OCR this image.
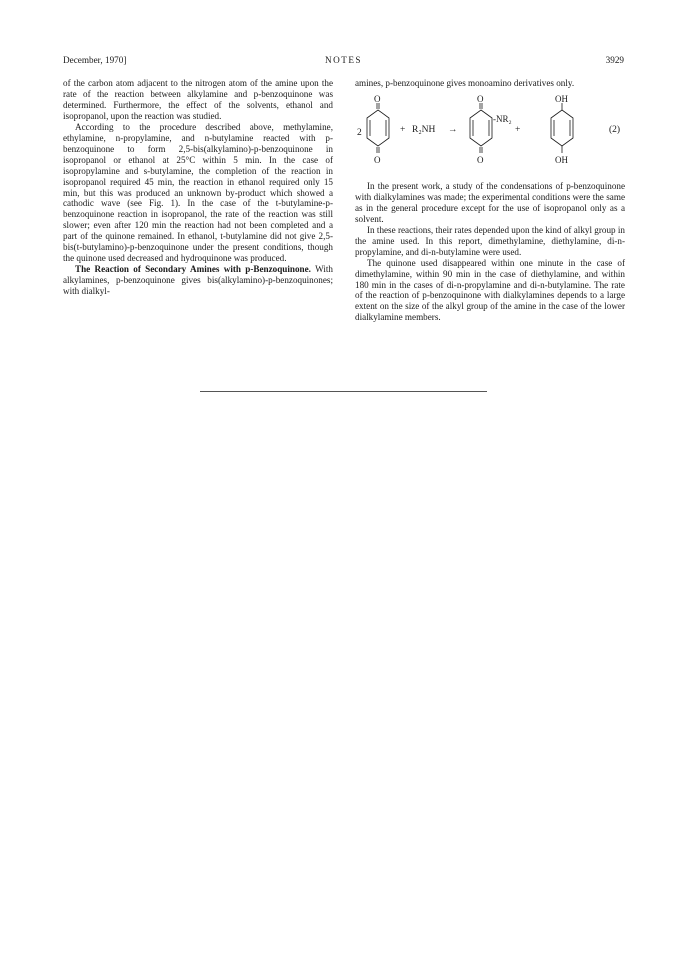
December, 1970]	NOTES	3929

of the carbon atom adjacent to the nitrogen atom of the amine upon the rate of the reaction between alkylamine and p-benzoquinone was determined. Furthermore, the effect of the solvents, ethanol and isopropanol, upon the reaction was studied.

According to the procedure described above, methylamine, ethylamine, n-propylamine, and n-butylamine reacted with p-benzoquinone to form 2,5-bis(alkylamino)-p-benzoquinone in isopropanol or ethanol at 25°C within 5 min. In the case of isopropylamine and s-butylamine, the completion of the reaction in isopropanol required 45 min, the reaction in ethanol required only 15 min, but this was produced an unknown by-product which showed a cathodic wave (see Fig. 1). In the case of the t-butylamine-p-benzoquinone reaction in isopropanol, the rate of the reaction was still slower; even after 120 min the reaction had not been completed and a part of the quinone remained. In ethanol, t-butylamine did not give 2,5-bis(t-butylamino)-p-benzoquinone under the present conditions, though the quinone used decreased and hydroquinone was produced.

The Reaction of Secondary Amines with p-Benzoquinone. With alkylamines, p-benzoquinone gives bis(alkylamino)-p-benzoquinones; with dialkyl-

amines, p-benzoquinone gives monoamino derivatives only.

2
O
O
+ R₂NH →
O
-NR₂
O
+
OH
OH
(2)

In the present work, a study of the condensations of p-benzoquinone with dialkylamines was made; the experimental conditions were the same as in the general procedure except for the use of isopropanol only as a solvent.

In these reactions, their rates depended upon the kind of alkyl group in the amine used. In this report, dimethylamine, diethylamine, di-n-propylamine, and di-n-butylamine were used.

The quinone used disappeared within one minute in the case of dimethylamine, within 90 min in the case of diethylamine, and within 180 min in the cases of di-n-propylamine and di-n-butylamine. The rate of the reaction of p-benzoquinone with dialkylamines depends to a large extent on the size of the alkyl group of the amine in the case of the lower dialkylamine members.
